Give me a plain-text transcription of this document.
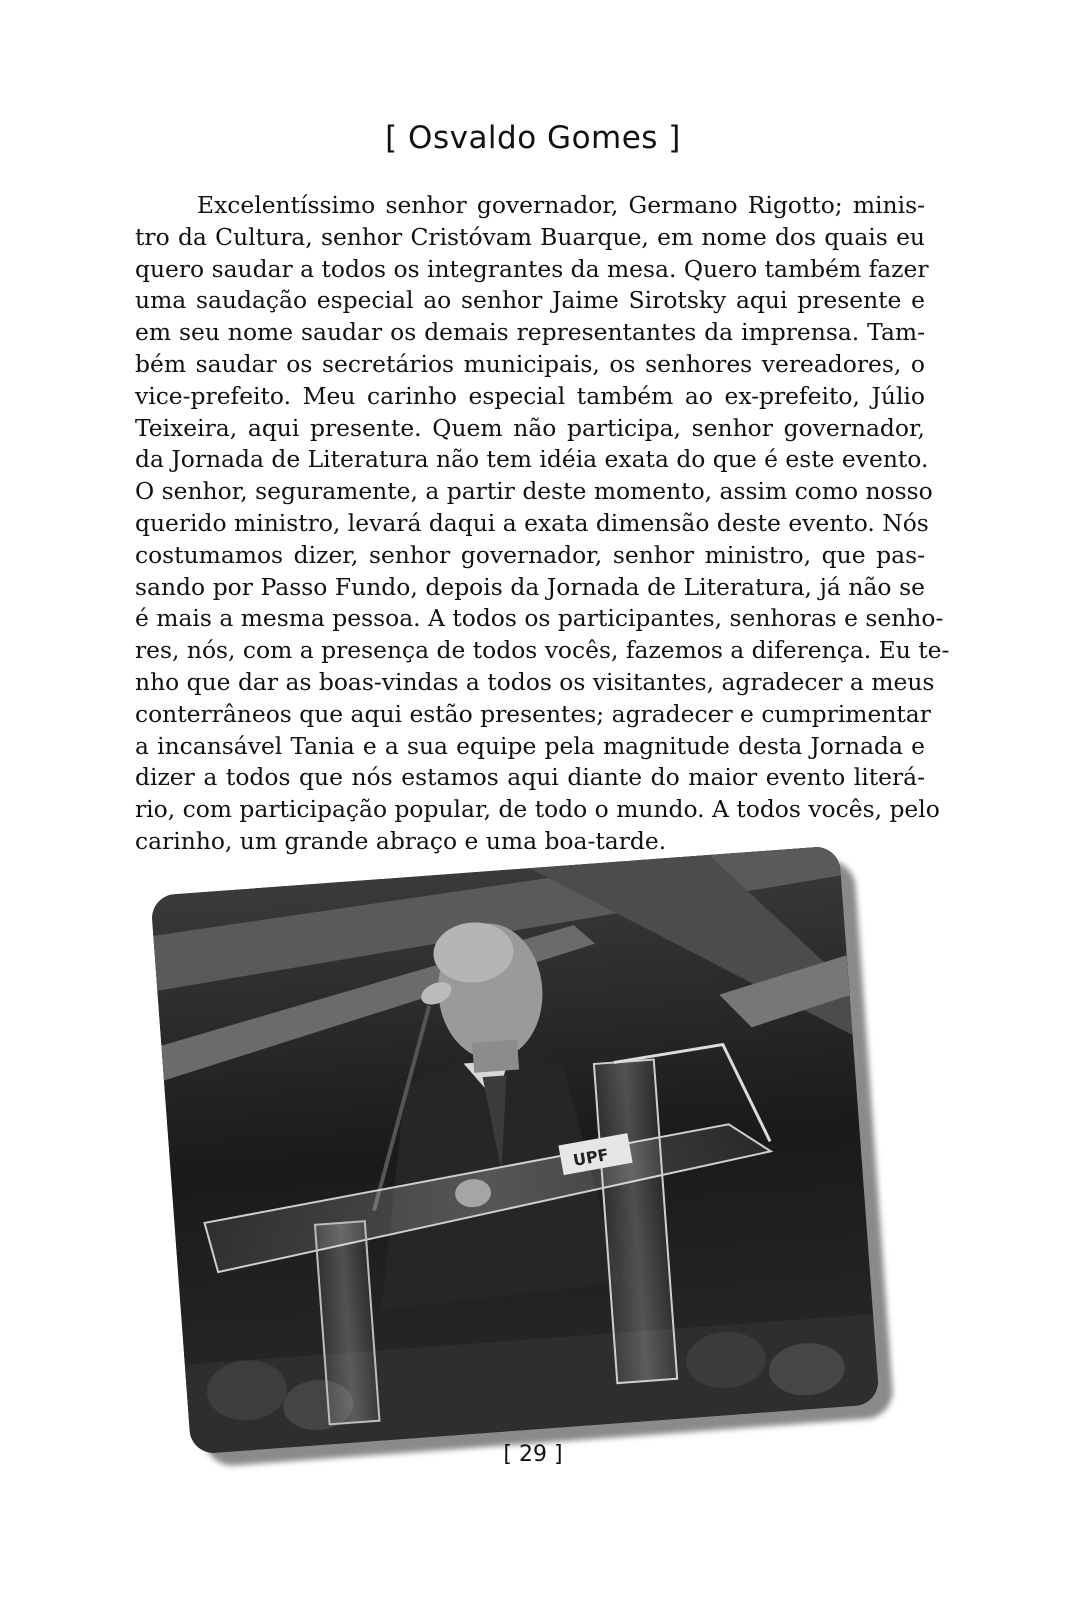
[ Osvaldo Gomes ]
Excelentíssimo senhor governador, Germano Rigotto; minis-
tro da Cultura, senhor Cristóvam Buarque, em nome dos quais eu
quero saudar a todos os integrantes da mesa. Quero também fazer
uma saudação especial ao senhor Jaime Sirotsky aqui presente e
em seu nome saudar os demais representantes da imprensa. Tam-
bém saudar os secretários municipais, os senhores vereadores, o
vice-prefeito. Meu carinho especial também ao ex-prefeito, Júlio
Teixeira, aqui presente. Quem não participa, senhor governador,
da Jornada de Literatura não tem idéia exata do que é este evento.
O senhor, seguramente, a partir deste momento, assim como nosso
querido ministro, levará daqui a exata dimensão deste evento. Nós
costumamos dizer, senhor governador, senhor ministro, que pas-
sando por Passo Fundo, depois da Jornada de Literatura, já não se
é mais a mesma pessoa. A todos os participantes, senhoras e senho-
res, nós, com a presença de todos vocês, fazemos a diferença. Eu te-
nho que dar as boas-vindas a todos os visitantes, agradecer a meus
conterrâneos que aqui estão presentes; agradecer e cumprimentar
a incansável Tania e a sua equipe pela magnitude desta Jornada e
dizer a todos que nós estamos aqui diante do maior evento literá-
rio, com participação popular, de todo o mundo. A todos vocês, pelo
carinho, um grande abraço e uma boa-tarde.
UPF
[ 29 ]
